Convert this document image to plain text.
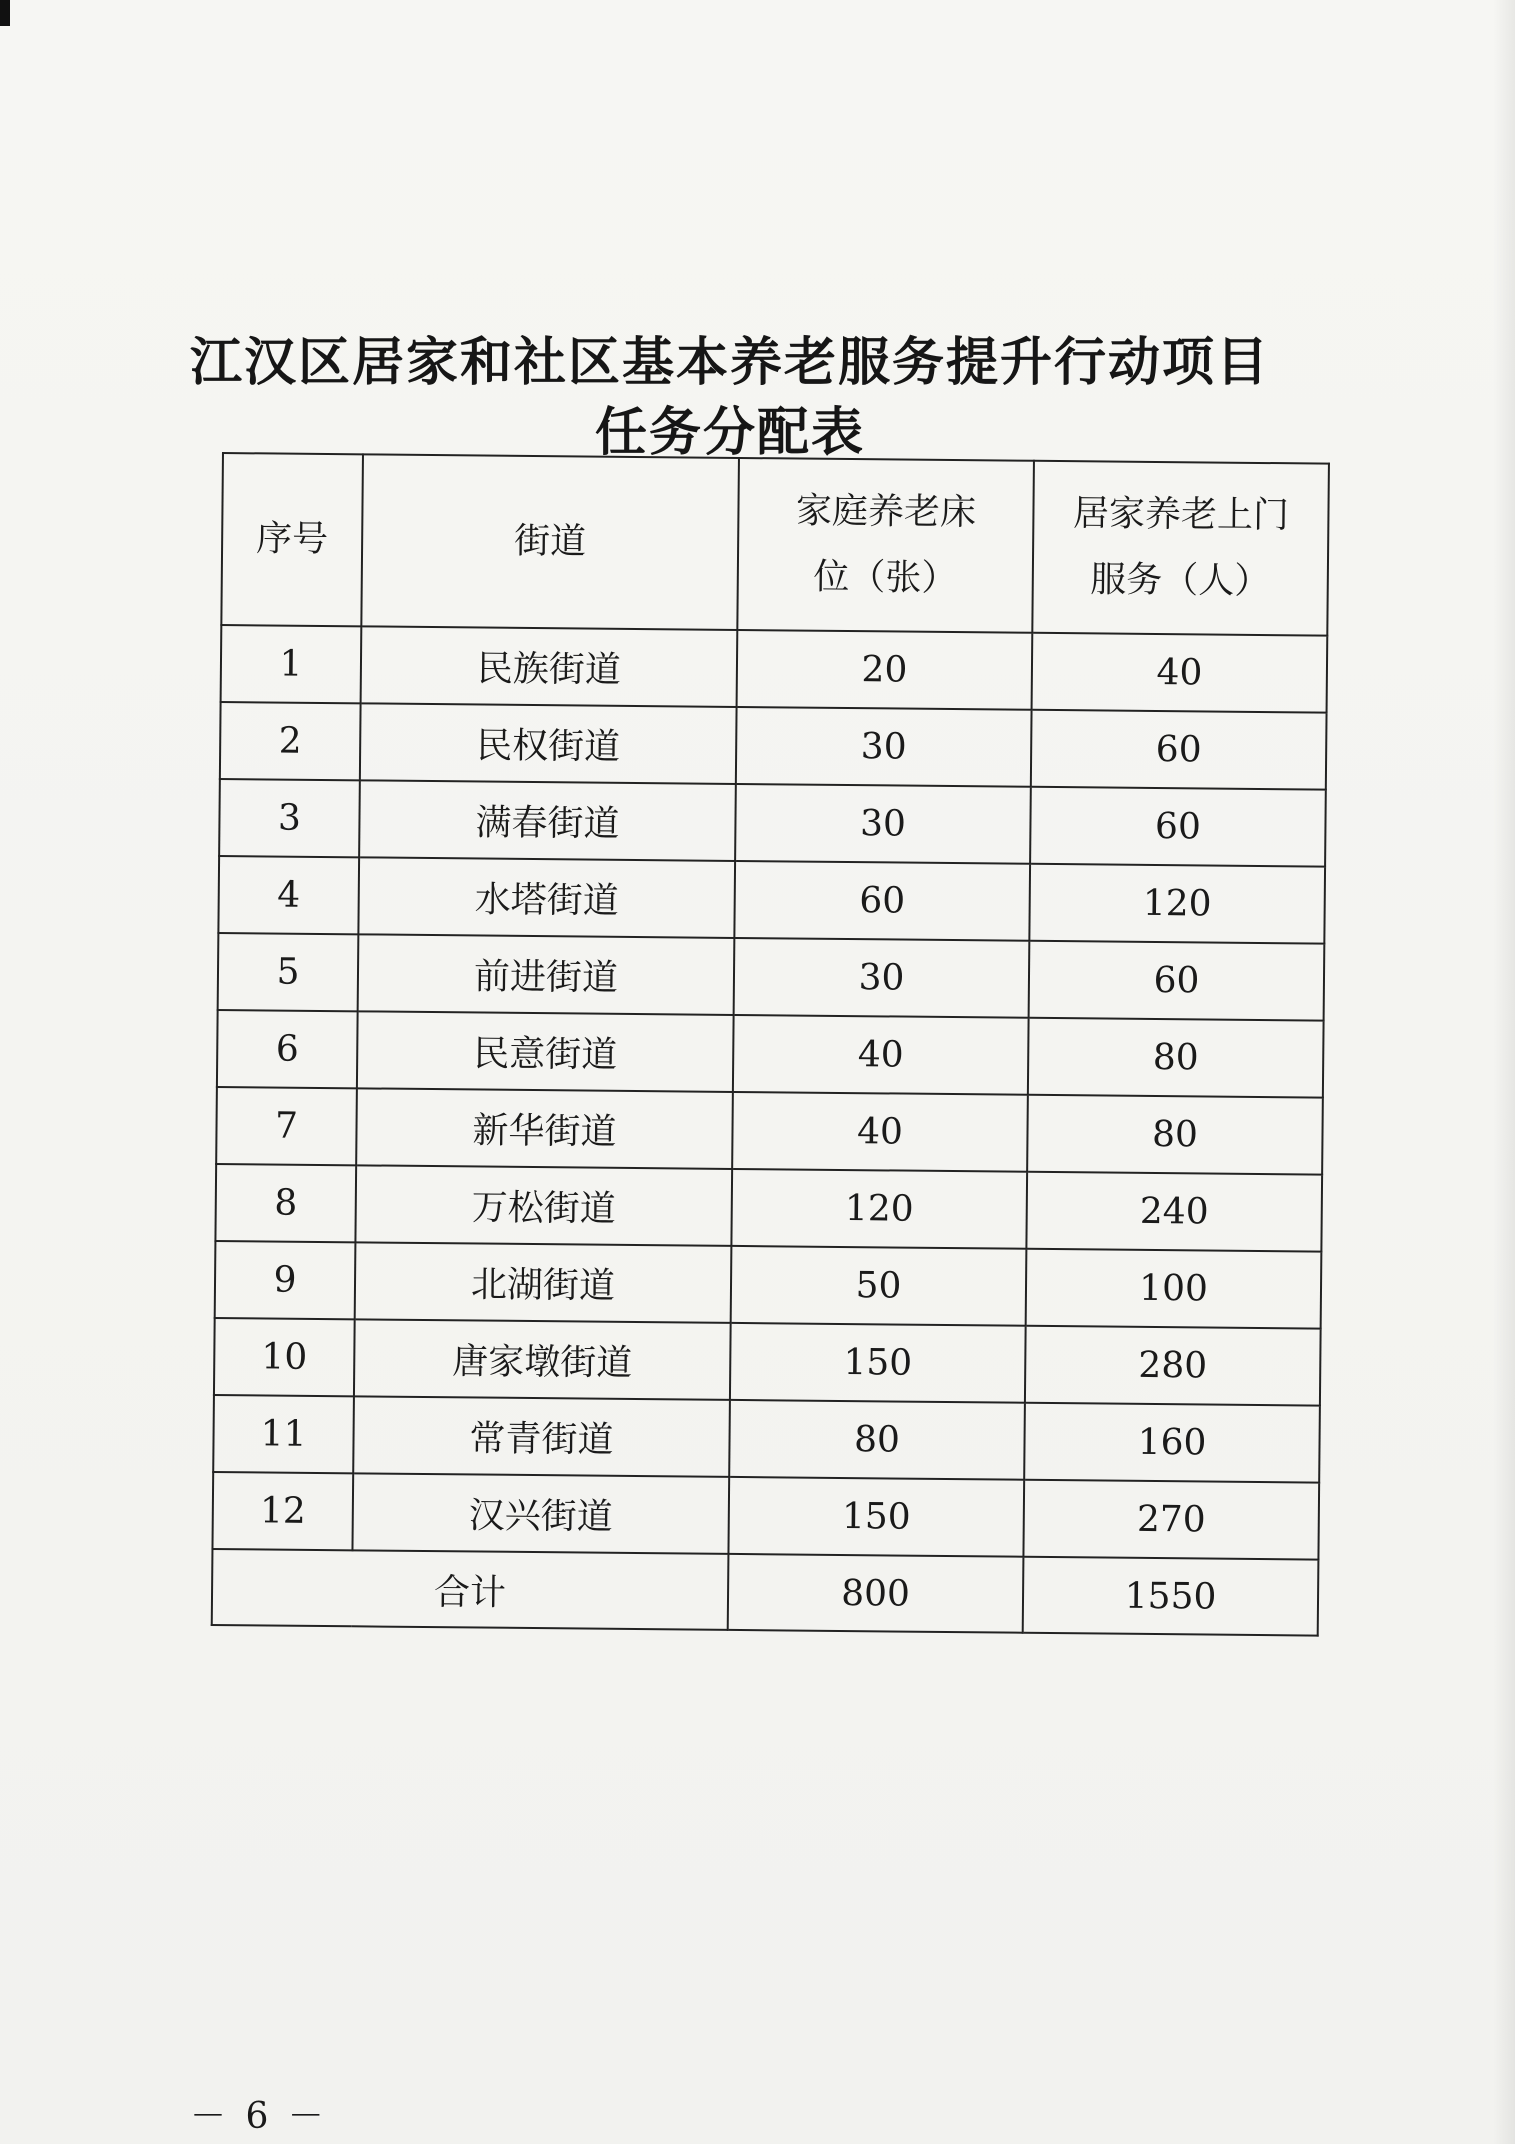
江汉区居家和社区基本养老服务提升行动项目
任务分配表
序号	街道	家庭养老床位（张）	居家养老上门服务（人）

1	民族街道	20	40
2	民权街道	30	60
3	满春街道	30	60
4	水塔街道	60	120
5	前进街道	30	60
6	民意街道	40	80
7	新华街道	40	80
8	万松街道	120	240
9	北湖街道	50	100
10	唐家墩街道	150	280
11	常青街道	80	160
12	汉兴街道	150	270
合计		800	1550
－ 6 －
